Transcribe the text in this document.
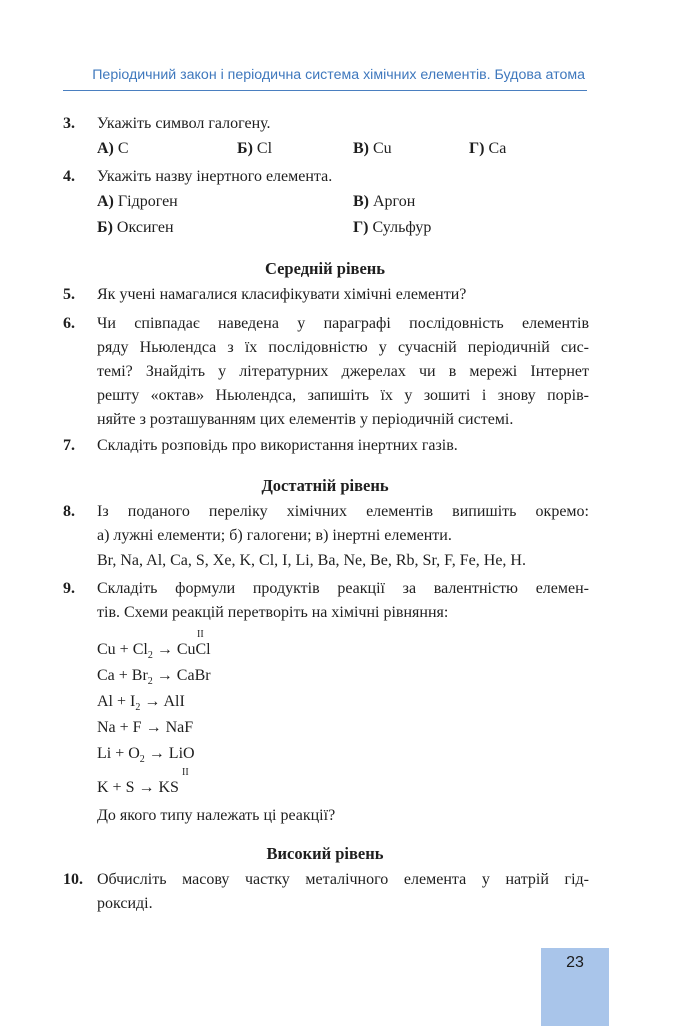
Періодичний закон і періодична система хімічних елементів. Будова атома
3. Укажіть символ галогену.
А) C	Б) Cl	В) Cu	Г) Ca
4. Укажіть назву інертного елемента.
А) Гідроген	В) Аргон
Б) Оксиген	Г) Сульфур
Середній рівень
5. Як учені намагалися класифікувати хімічні елементи?
6. Чи співпадає наведена у параграфі послідовність елементів
ряду Ньюлендса з їх послідовністю у сучасній періодичній сис-
темі? Знайдіть у літературних джерелах чи в мережі Інтернет
решту «октав» Ньюлендса, запишіть їх у зошиті і знову порів-
няйте з розташуванням цих елементів у періодичній системі.
7. Складіть розповідь про використання інертних газів.
Достатній рівень
8. Із поданого переліку хімічних елементів випишіть окремо:
а) лужні елементи; б) галогени; в) інертні елементи.
Br, Na, Al, Ca, S, Xe, K, Cl, I, Li, Ba, Ne, Be, Rb, Sr, F, Fe, He, H.
9. Складіть формули продуктів реакції за валентністю елемен-
тів. Схеми реакцій перетворіть на хімічні рівняння:
II
$Cu + Cl_2$ → CuCl
$Ca + Br_2$ → CaBr
$Al + I_2$ → AlI
Na + F → NaF
$Li + O_2$ → LiO
II
K + S → KS
До якого типу належать ці реакції?
Високий рівень
10. Обчисліть масову частку металічного елемента у натрій гід-
роксиді.
23
